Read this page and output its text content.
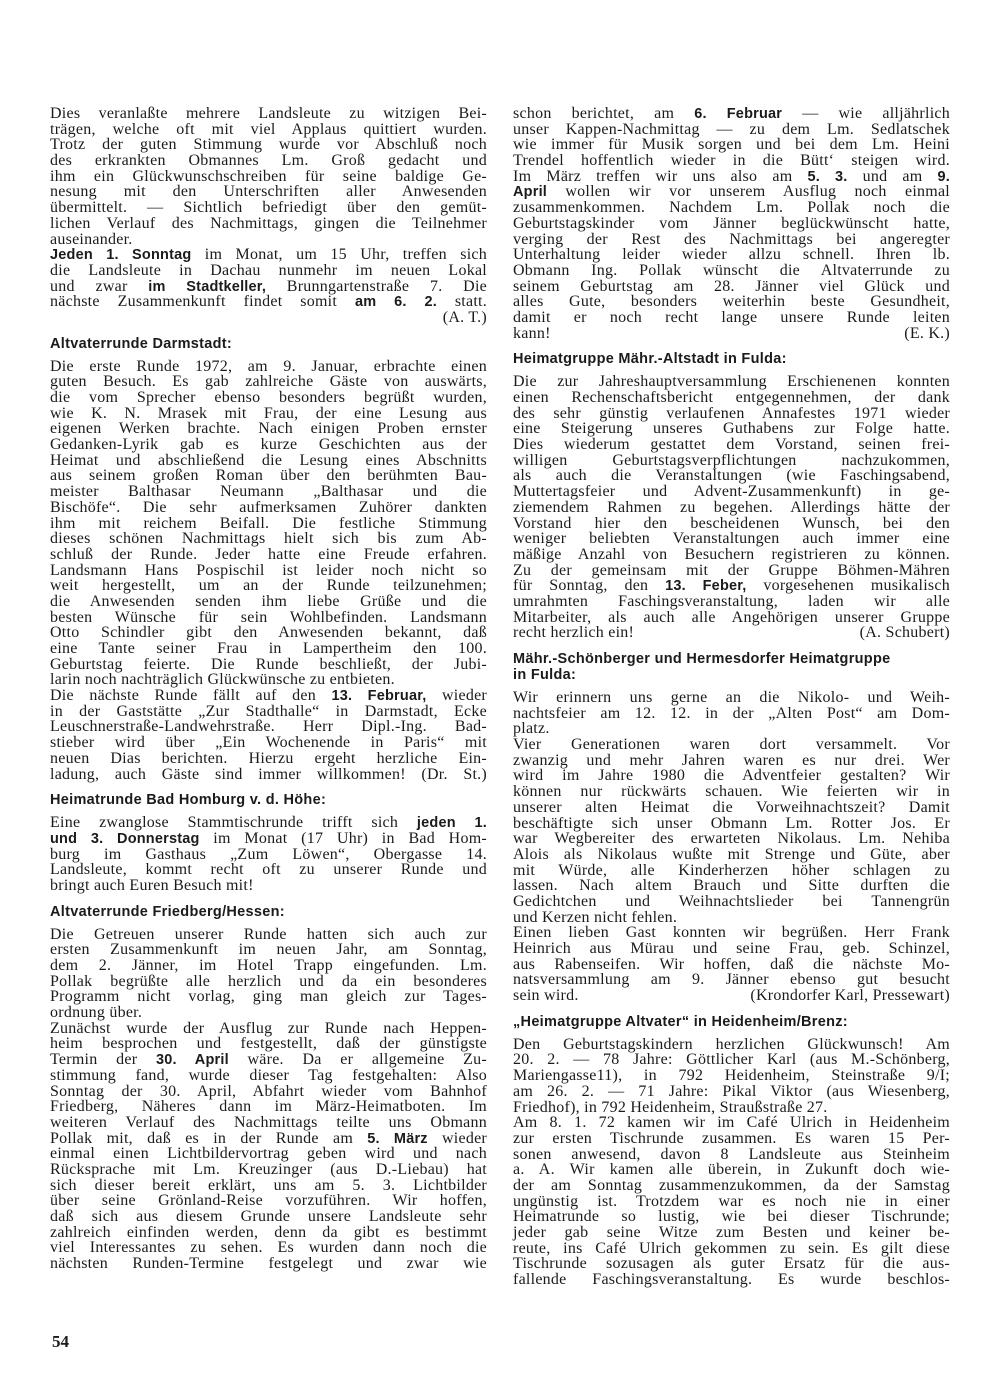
Dies veranlaßte mehrere Landsleute zu witzigen Bei-
trägen, welche oft mit viel Applaus quittiert wurden.
Trotz der guten Stimmung wurde vor Abschluß noch
des erkrankten Obmannes Lm. Groß gedacht und
ihm ein Glückwunschschreiben für seine baldige Ge-
nesung mit den Unterschriften aller Anwesenden
übermittelt. — Sichtlich befriedigt über den gemüt-
lichen Verlauf des Nachmittags, gingen die Teilnehmer
auseinander.
Jeden 1. Sonntag im Monat, um 15 Uhr, treffen sich
die Landsleute in Dachau nunmehr im neuen Lokal
und zwar im Stadtkeller, Brunngartenstraße 7. Die
nächste Zusammenkunft findet somit am 6. 2. statt.
(A. T.)
Altvaterrunde Darmstadt:
Die erste Runde 1972, am 9. Januar, erbrachte einen
guten Besuch. Es gab zahlreiche Gäste von auswärts,
die vom Sprecher ebenso besonders begrüßt wurden,
wie K. N. Mrasek mit Frau, der eine Lesung aus
eigenen Werken brachte. Nach einigen Proben ernster
Gedanken-Lyrik gab es kurze Geschichten aus der
Heimat und abschließend die Lesung eines Abschnitts
aus seinem großen Roman über den berühmten Bau-
meister Balthasar Neumann „Balthasar und die
Bischöfe“. Die sehr aufmerksamen Zuhörer dankten
ihm mit reichem Beifall. Die festliche Stimmung
dieses schönen Nachmittags hielt sich bis zum Ab-
schluß der Runde. Jeder hatte eine Freude erfahren.
Landsmann Hans Pospischil ist leider noch nicht so
weit hergestellt, um an der Runde teilzunehmen;
die Anwesenden senden ihm liebe Grüße und die
besten Wünsche für sein Wohlbefinden. Landsmann
Otto Schindler gibt den Anwesenden bekannt, daß
eine Tante seiner Frau in Lampertheim den 100.
Geburtstag feierte. Die Runde beschließt, der Jubi-
larin noch nachträglich Glückwünsche zu entbieten.
Die nächste Runde fällt auf den 13. Februar, wieder
in der Gaststätte „Zur Stadthalle“ in Darmstadt, Ecke
Leuschnerstraße-Landwehrstraße. Herr Dipl.-Ing. Bad-
stieber wird über „Ein Wochenende in Paris“ mit
neuen Dias berichten. Hierzu ergeht herzliche Ein-
ladung, auch Gäste sind immer willkommen! (Dr. St.)
Heimatrunde Bad Homburg v. d. Höhe:
Eine zwanglose Stammtischrunde trifft sich jeden 1.
und 3. Donnerstag im Monat (17 Uhr) in Bad Hom-
burg im Gasthaus „Zum Löwen“, Obergasse 14.
Landsleute, kommt recht oft zu unserer Runde und
bringt auch Euren Besuch mit!
Altvaterrunde Friedberg/Hessen:
Die Getreuen unserer Runde hatten sich auch zur
ersten Zusammenkunft im neuen Jahr, am Sonntag,
dem 2. Jänner, im Hotel Trapp eingefunden. Lm.
Pollak begrüßte alle herzlich und da ein besonderes
Programm nicht vorlag, ging man gleich zur Tages-
ordnung über.
Zunächst wurde der Ausflug zur Runde nach Heppen-
heim besprochen und festgestellt, daß der günstigste
Termin der 30. April wäre. Da er allgemeine Zu-
stimmung fand, wurde dieser Tag festgehalten: Also
Sonntag der 30. April, Abfahrt wieder vom Bahnhof
Friedberg, Näheres dann im März-Heimatboten. Im
weiteren Verlauf des Nachmittags teilte uns Obmann
Pollak mit, daß es in der Runde am 5. März wieder
einmal einen Lichtbildervortrag geben wird und nach
Rücksprache mit Lm. Kreuzinger (aus D.-Liebau) hat
sich dieser bereit erklärt, uns am 5. 3. Lichtbilder
über seine Grönland-Reise vorzuführen. Wir hoffen,
daß sich aus diesem Grunde unsere Landsleute sehr
zahlreich einfinden werden, denn da gibt es bestimmt
viel Interessantes zu sehen. Es wurden dann noch die
nächsten Runden-Termine festgelegt und zwar wie
schon berichtet, am 6. Februar — wie alljährlich
unser Kappen-Nachmittag — zu dem Lm. Sedlatschek
wie immer für Musik sorgen und bei dem Lm. Heini
Trendel hoffentlich wieder in die Bütt‘ steigen wird.
Im März treffen wir uns also am 5. 3. und am 9.
April wollen wir vor unserem Ausflug noch einmal
zusammenkommen. Nachdem Lm. Pollak noch die
Geburtstagskinder vom Jänner beglückwünscht hatte,
verging der Rest des Nachmittags bei angeregter
Unterhaltung leider wieder allzu schnell. Ihren lb.
Obmann Ing. Pollak wünscht die Altvaterrunde zu
seinem Geburtstag am 28. Jänner viel Glück und
alles Gute, besonders weiterhin beste Gesundheit,
damit er noch recht lange unsere Runde leiten
(E. K.)
kann!
Heimatgruppe Mähr.-Altstadt in Fulda:
Die zur Jahreshauptversammlung Erschienenen konnten
einen Rechenschaftsbericht entgegennehmen, der dank
des sehr günstig verlaufenen Annafestes 1971 wieder
eine Steigerung unseres Guthabens zur Folge hatte.
Dies wiederum gestattet dem Vorstand, seinen frei-
willigen Geburtstagsverpflichtungen nachzukommen,
als auch die Veranstaltungen (wie Faschingsabend,
Muttertagsfeier und Advent-Zusammenkunft) in ge-
ziemendem Rahmen zu begehen. Allerdings hätte der
Vorstand hier den bescheidenen Wunsch, bei den
weniger beliebten Veranstaltungen auch immer eine
mäßige Anzahl von Besuchern registrieren zu können.
Zu der gemeinsam mit der Gruppe Böhmen-Mähren
für Sonntag, den 13. Feber, vorgesehenen musikalisch
umrahmten Faschingsveranstaltung, laden wir alle
Mitarbeiter, als auch alle Angehörigen unserer Gruppe
(A. Schubert)
recht herzlich ein!
Mähr.-Schönberger und Hermesdorfer Heimatgruppe
in Fulda:
Wir erinnern uns gerne an die Nikolo- und Weih-
nachtsfeier am 12. 12. in der „Alten Post“ am Dom-
platz.
Vier Generationen waren dort versammelt. Vor
zwanzig und mehr Jahren waren es nur drei. Wer
wird im Jahre 1980 die Adventfeier gestalten? Wir
können nur rückwärts schauen. Wie feierten wir in
unserer alten Heimat die Vorweihnachtszeit? Damit
beschäftigte sich unser Obmann Lm. Rotter Jos. Er
war Wegbereiter des erwarteten Nikolaus. Lm. Nehiba
Alois als Nikolaus wußte mit Strenge und Güte, aber
mit Würde, alle Kinderherzen höher schlagen zu
lassen. Nach altem Brauch und Sitte durften die
Gedichtchen und Weihnachtslieder bei Tannengrün
und Kerzen nicht fehlen.
Einen lieben Gast konnten wir begrüßen. Herr Frank
Heinrich aus Mürau und seine Frau, geb. Schinzel,
aus Rabenseifen. Wir hoffen, daß die nächste Mo-
natsversammlung am 9. Jänner ebenso gut besucht
(Krondorfer Karl, Pressewart)
sein wird.
„Heimatgruppe Altvater“ in Heidenheim/Brenz:
Den Geburtstagskindern herzlichen Glückwunsch! Am
20. 2. — 78 Jahre: Göttlicher Karl (aus M.-Schönberg,
Mariengasse11), in 792 Heidenheim, Steinstraße 9/I;
am 26. 2. — 71 Jahre: Pikal Viktor (aus Wiesenberg,
Friedhof), in 792 Heidenheim, Straußstraße 27.
Am 8. 1. 72 kamen wir im Café Ulrich in Heidenheim
zur ersten Tischrunde zusammen. Es waren 15 Per-
sonen anwesend, davon 8 Landsleute aus Steinheim
a. A. Wir kamen alle überein, in Zukunft doch wie-
der am Sonntag zusammenzukommen, da der Samstag
ungünstig ist. Trotzdem war es noch nie in einer
Heimatrunde so lustig, wie bei dieser Tischrunde;
jeder gab seine Witze zum Besten und keiner be-
reute, ins Café Ulrich gekommen zu sein. Es gilt diese
Tischrunde sozusagen als guter Ersatz für die aus-
fallende Faschingsveranstaltung. Es wurde beschlos-
54
